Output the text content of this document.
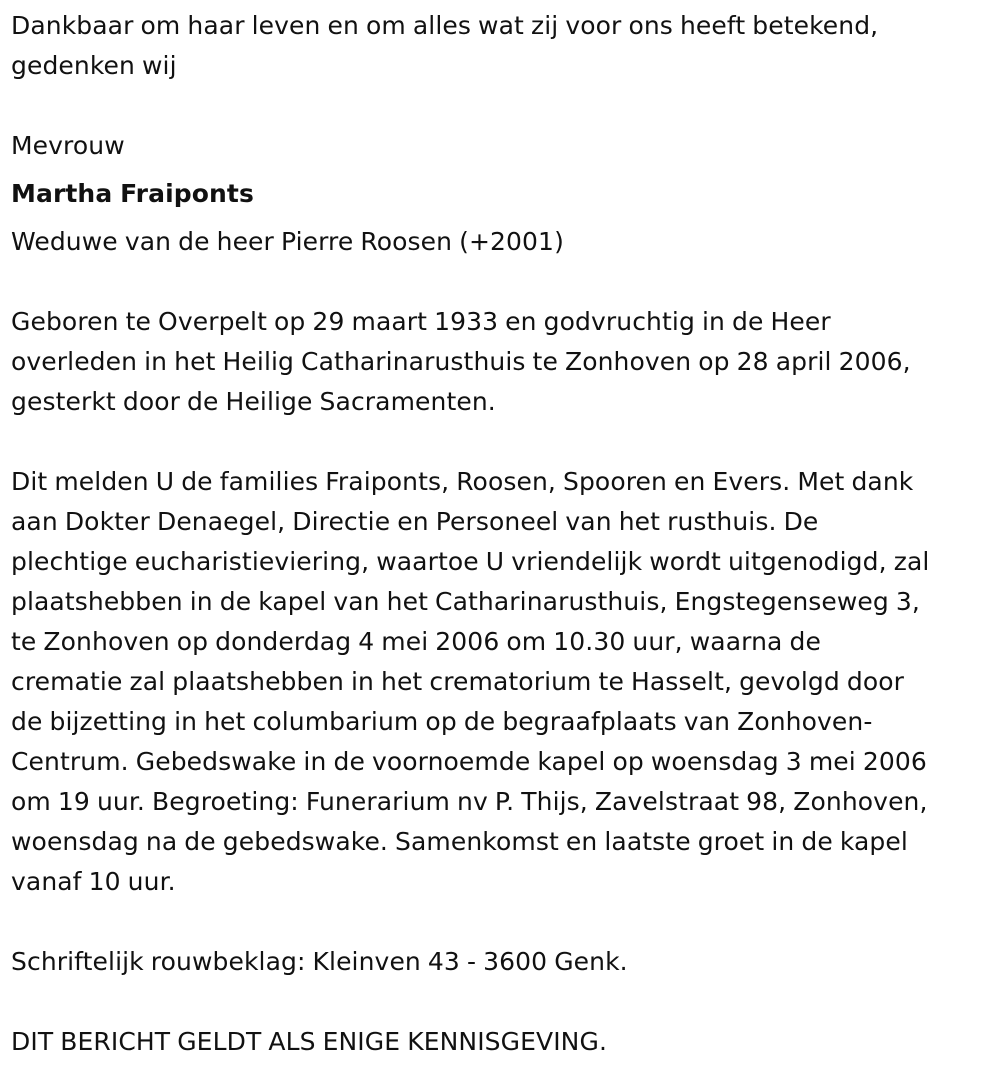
Dankbaar om haar leven en om alles wat zij voor ons heeft betekend,
gedenken wij
Mevrouw
Martha Fraiponts
Weduwe van de heer Pierre Roosen (+2001)
Geboren te Overpelt op 29 maart 1933 en godvruchtig in de Heer
overleden in het Heilig Catharinarusthuis te Zonhoven op 28 april 2006,
gesterkt door de Heilige Sacramenten.
Dit melden U de families Fraiponts, Roosen, Spooren en Evers. Met dank
aan Dokter Denaegel, Directie en Personeel van het rusthuis. De
plechtige eucharistieviering, waartoe U vriendelijk wordt uitgenodigd, zal
plaatshebben in de kapel van het Catharinarusthuis, Engstegenseweg 3,
te Zonhoven op donderdag 4 mei 2006 om 10.30 uur, waarna de
crematie zal plaatshebben in het crematorium te Hasselt, gevolgd door
de bijzetting in het columbarium op de begraafplaats van Zonhoven-
Centrum. Gebedswake in de voornoemde kapel op woensdag 3 mei 2006
om 19 uur. Begroeting: Funerarium nv P. Thijs, Zavelstraat 98, Zonhoven,
woensdag na de gebedswake. Samenkomst en laatste groet in de kapel
vanaf 10 uur.
Schriftelijk rouwbeklag: Kleinven 43 - 3600 Genk.
DIT BERICHT GELDT ALS ENIGE KENNISGEVING.
